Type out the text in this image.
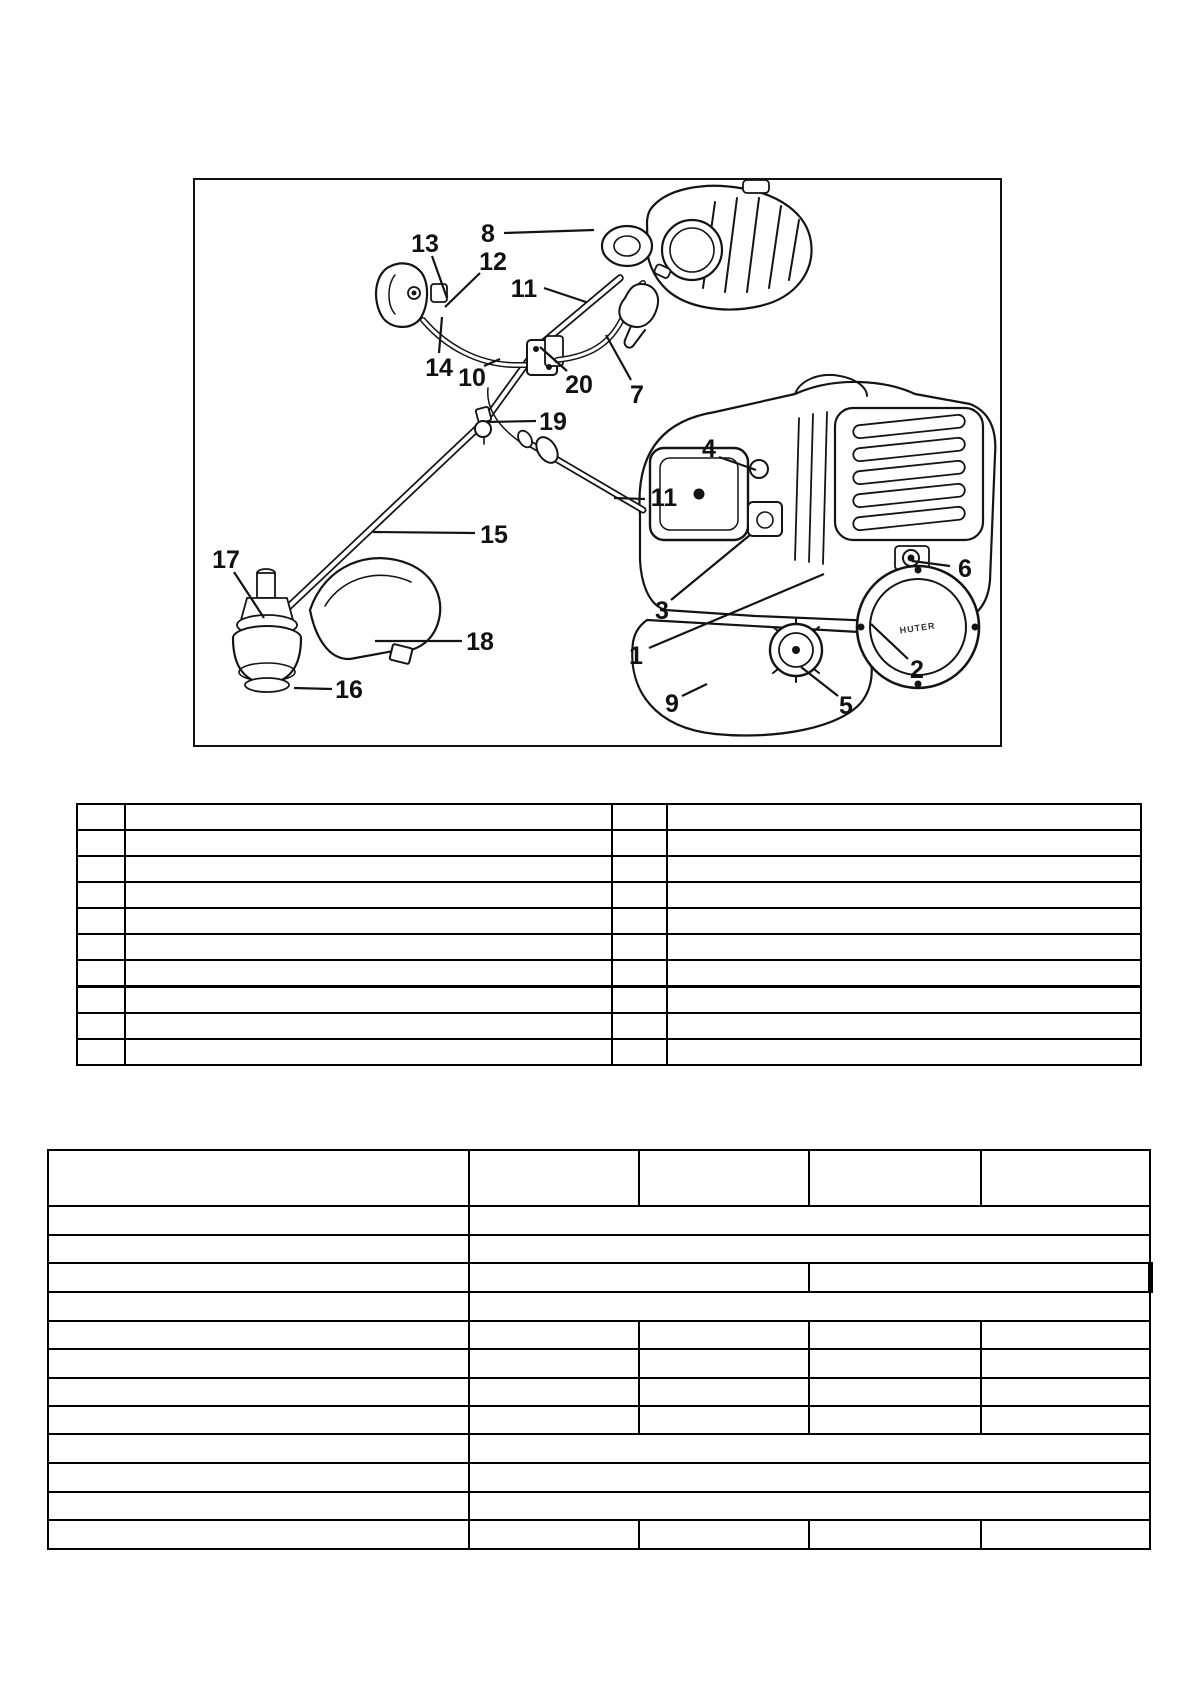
8
13
12
11
14 10	20 7
19
4
11
15
17	6
3
1
18
2
16	9	5
HUTER
